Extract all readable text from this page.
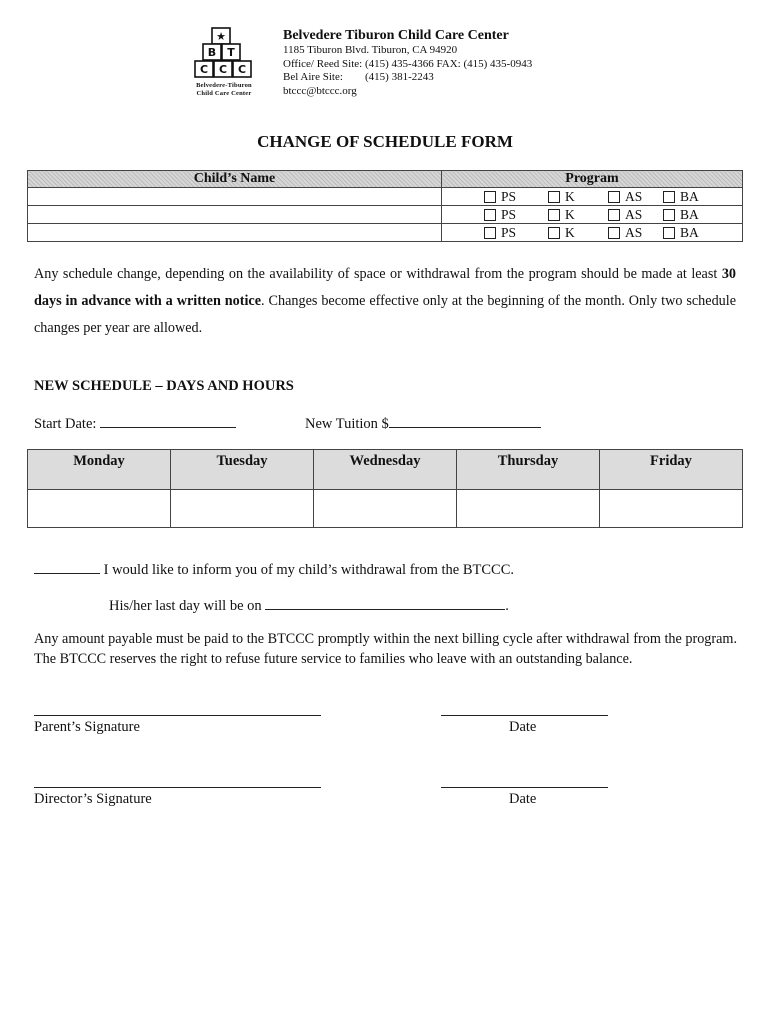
★
B T
C C C
Belvedere-Tiburon
Child Care Center
Belvedere Tiburon Child Care Center
1185 Tiburon Blvd. Tiburon, CA 94920
Office/ Reed Site: (415) 435-4366 FAX: (415) 435-0943
Bel Aire Site: (415) 381-2243
btccc@btccc.org
CHANGE OF SCHEDULE FORM
Child’s Name	Program

	PS K AS BA

	PS K AS BA

	PS K AS BA
Any schedule change, depending on the availability of space or withdrawal from the program should be made at least 30 days in advance with a written notice. Changes become effective only at the beginning of the month. Only two schedule changes per year are allowed.
NEW SCHEDULE – DAYS AND HOURS
Start Date:	New Tuition $
Monday	Tuesday	Wednesday	Thursday	Friday

I would like to inform you of my child’s withdrawal from the BTCCC.
His/her last day will be on	.
Any amount payable must be paid to the BTCCC promptly within the next billing cycle after withdrawal from the program. The BTCCC reserves the right to refuse future service to families who leave with an outstanding balance.
Parent’s Signature	Date
Director’s Signature	Date
